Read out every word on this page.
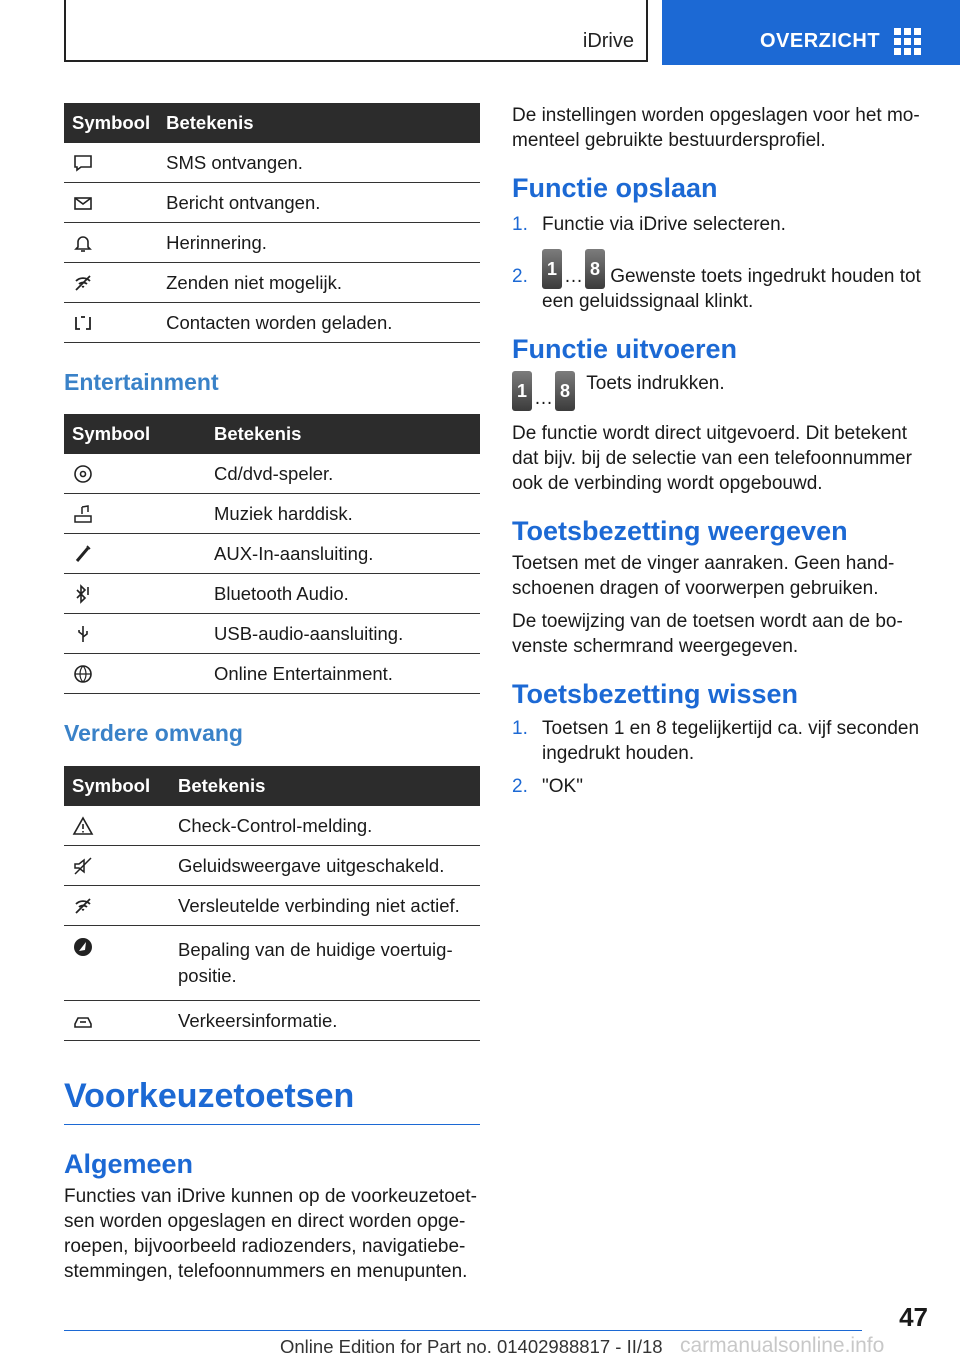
iDrive	OVERZICHT
Symbool	Betekenis

	SMS ontvangen.

	Bericht ontvangen.

	Herinnering.

	Zenden niet mogelijk.

	Contacten worden geladen.
Entertainment
Symbool	Betekenis

	Cd/dvd-speler.

	Muziek harddisk.

	AUX-In-aansluiting.

	Bluetooth Audio.

	USB-audio-aansluiting.

	Online Entertainment.
Verdere omvang
Symbool	Betekenis

	Check-Control-melding.

	Geluidsweergave uitgeschakeld.

	Versleutelde verbinding niet actief.

	Bepaling van de huidige voertuig-
positie.

	Verkeersinformatie.
Voorkeuzetoetsen
Algemeen

Functies van iDrive kunnen op de voorkeuzetoet-
sen worden opgeslagen en direct worden opge-
roepen, bijvoorbeeld radiozenders, navigatiebe-
stemmingen, telefoonnummers en menupunten.

De instellingen worden opgeslagen voor het mo-
menteel gebruikte bestuurdersprofiel.

Functie opslaan
1. Functie via iDrive selecteren.
2. 1 … 8 Gewenste toets ingedrukt houden tot een geluidssignaal klinkt.
Functie uitvoeren
1 … 8 Toets indrukken.

De functie wordt direct uitgevoerd. Dit betekent dat bijv. bij de selectie van een telefoonnummer ook de verbinding wordt opgebouwd.

Toetsbezetting weergeven

Toetsen met de vinger aanraken. Geen hand-
schoenen dragen of voorwerpen gebruiken.

De toewijzing van de toetsen wordt aan de bo-
venste schermrand weergegeven.

Toetsbezetting wissen
1. Toetsen 1 en 8 tegelijkertijd ca. vijf seconden ingedrukt houden.
2. "OK"
47
Online Edition for Part no. 01402988817 - II/18 carmanualsonline.info
